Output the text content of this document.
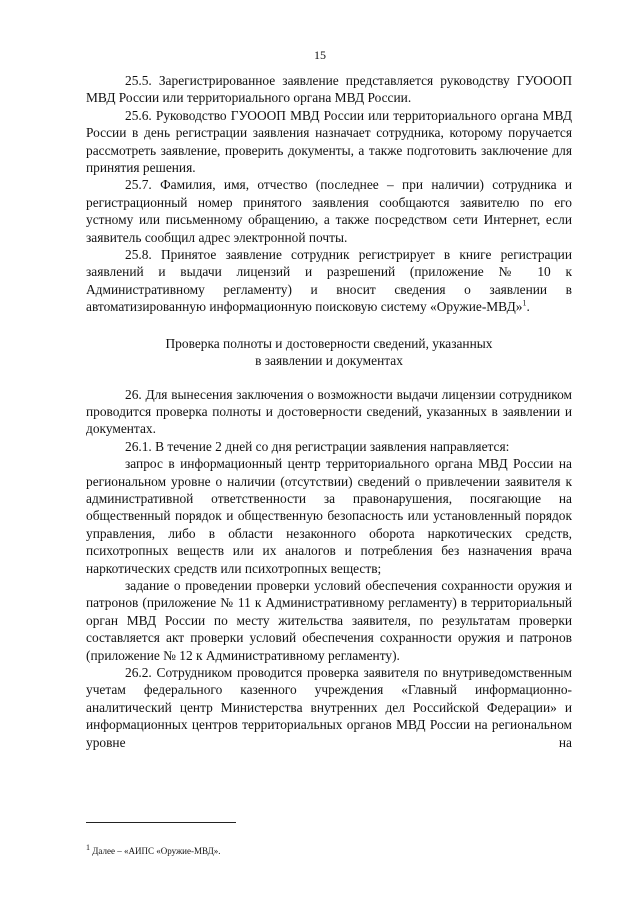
15

25.5. Зарегистрированное заявление представляется руководству ГУОООП МВД России или территориального органа МВД России.

25.6. Руководство ГУОООП МВД России или территориального органа МВД России в день регистрации заявления назначает сотрудника, которому поручается рассмотреть заявление, проверить документы, а также подготовить заключение для принятия решения.

25.7. Фамилия, имя, отчество (последнее – при наличии) сотрудника и регистрационный номер принятого заявления сообщаются заявителю по его устному или письменному обращению, а также посредством сети Интернет, если заявитель сообщил адрес электронной почты.

25.8. Принятое заявление сотрудник регистрирует в книге регистрации заявлений и выдачи лицензий и разрешений (приложение № 10 к Административному регламенту) и вносит сведения о заявлении в автоматизированную информационную поисковую систему «Оружие-МВД»$^1$.

Проверка полноты и достоверности сведений, указанных
в заявлении и документах

26. Для вынесения заключения о возможности выдачи лицензии сотрудником проводится проверка полноты и достоверности сведений, указанных в заявлении и документах.

26.1. В течение 2 дней со дня регистрации заявления направляется:

запрос в информационный центр территориального органа МВД России на региональном уровне о наличии (отсутствии) сведений о привлечении заявителя к административной ответственности за правонарушения, посягающие на общественный порядок и общественную безопасность или установленный порядок управления, либо в области незаконного оборота наркотических средств, психотропных веществ или их аналогов и потребления без назначения врача наркотических средств или психотропных веществ;

задание о проведении проверки условий обеспечения сохранности оружия и патронов (приложение № 11 к Административному регламенту) в территориальный орган МВД России по месту жительства заявителя, по результатам проверки составляется акт проверки условий обеспечения сохранности оружия и патронов (приложение № 12 к Административному регламенту).

26.2. Сотрудником проводится проверка заявителя по внутриведомственным учетам федерального казенного учреждения «Главный информационно-аналитический центр Министерства внутренних дел Российской Федерации» и информационных центров территориальных органов МВД России на региональном уровне на

$^1$ Далее – «АИПС «Оружие-МВД».
